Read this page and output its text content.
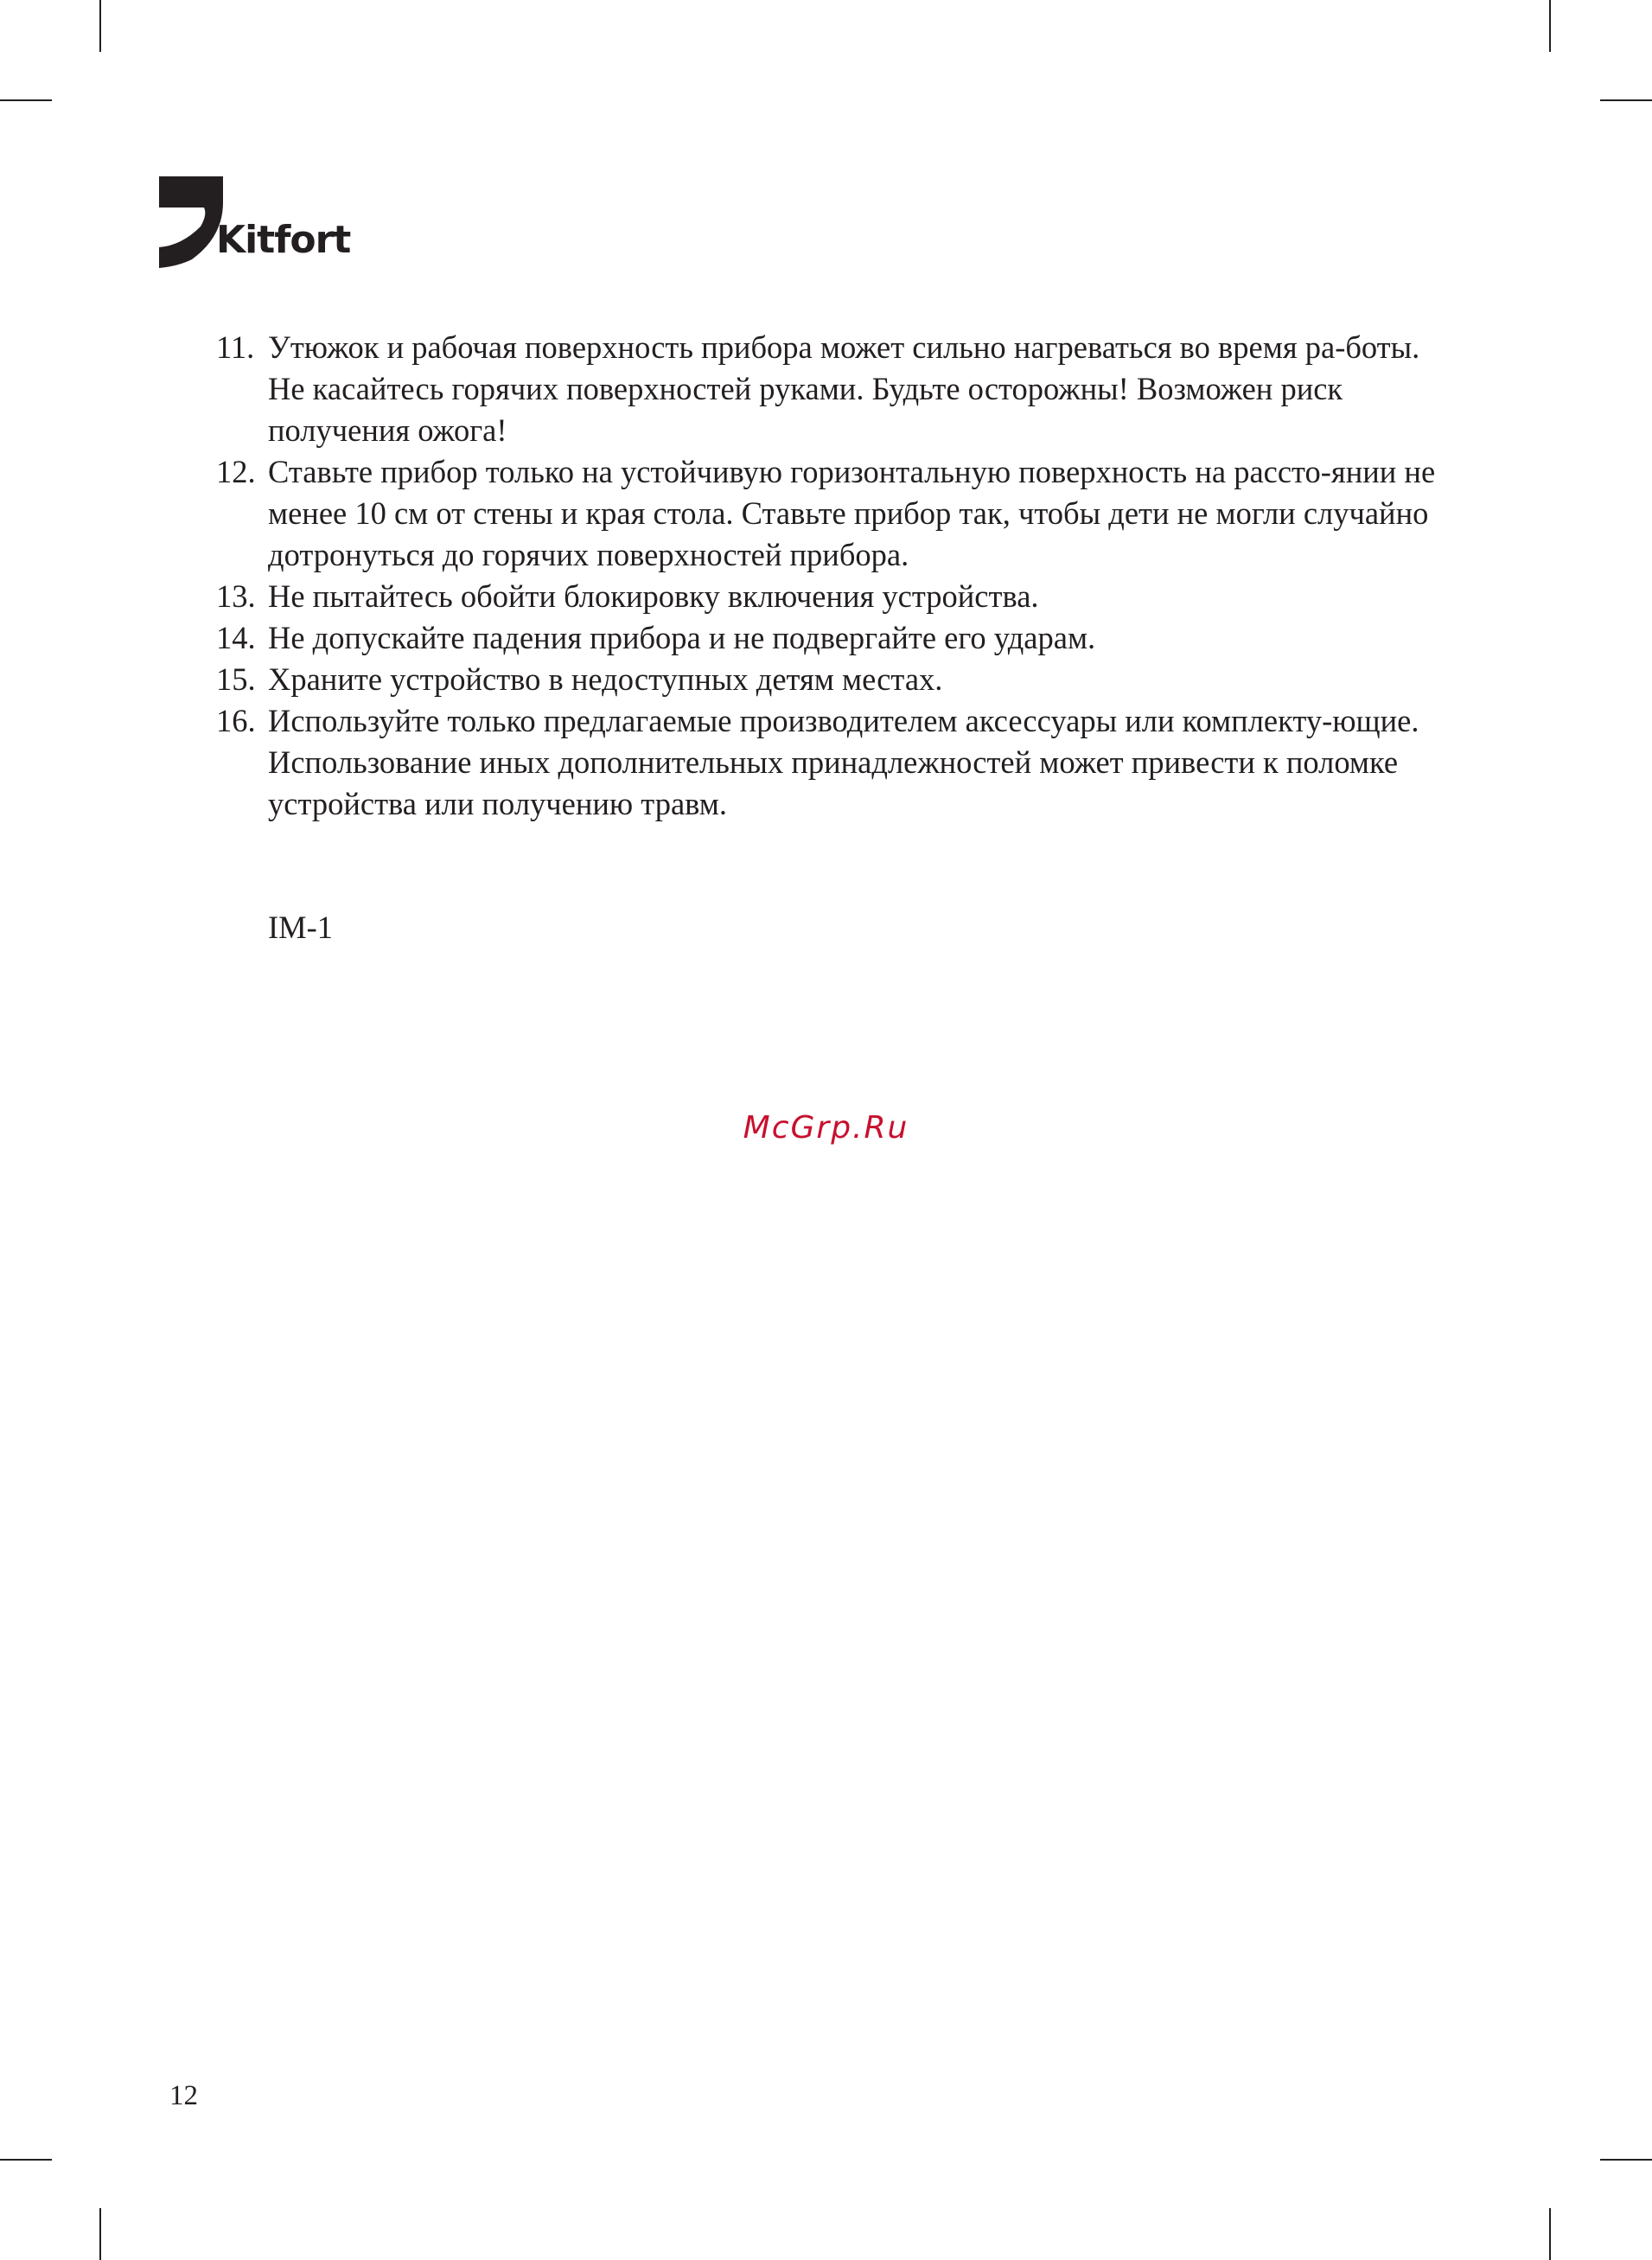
Kitfort
11. Утюжок и рабочая поверхность прибора может сильно нагреваться во время ра-боты. Не касайтесь горячих поверхностей руками. Будьте осторожны! Возможен риск получения ожога!
12. Ставьте прибор только на устойчивую горизонтальную поверхность на рассто-янии не менее 10 см от стены и края стола. Ставьте прибор так, чтобы дети не могли случайно дотронуться до горячих поверхностей прибора.
13. Не пытайтесь обойти блокировку включения устройства.
14. Не допускайте падения прибора и не подвергайте его ударам.
15. Храните устройство в недоступных детям местах.
16. Используйте только предлагаемые производителем аксессуары или комплекту-ющие. Использование иных дополнительных принадлежностей может привести к поломке устройства или получению травм.
IM-1
McGrp.Ru
12
